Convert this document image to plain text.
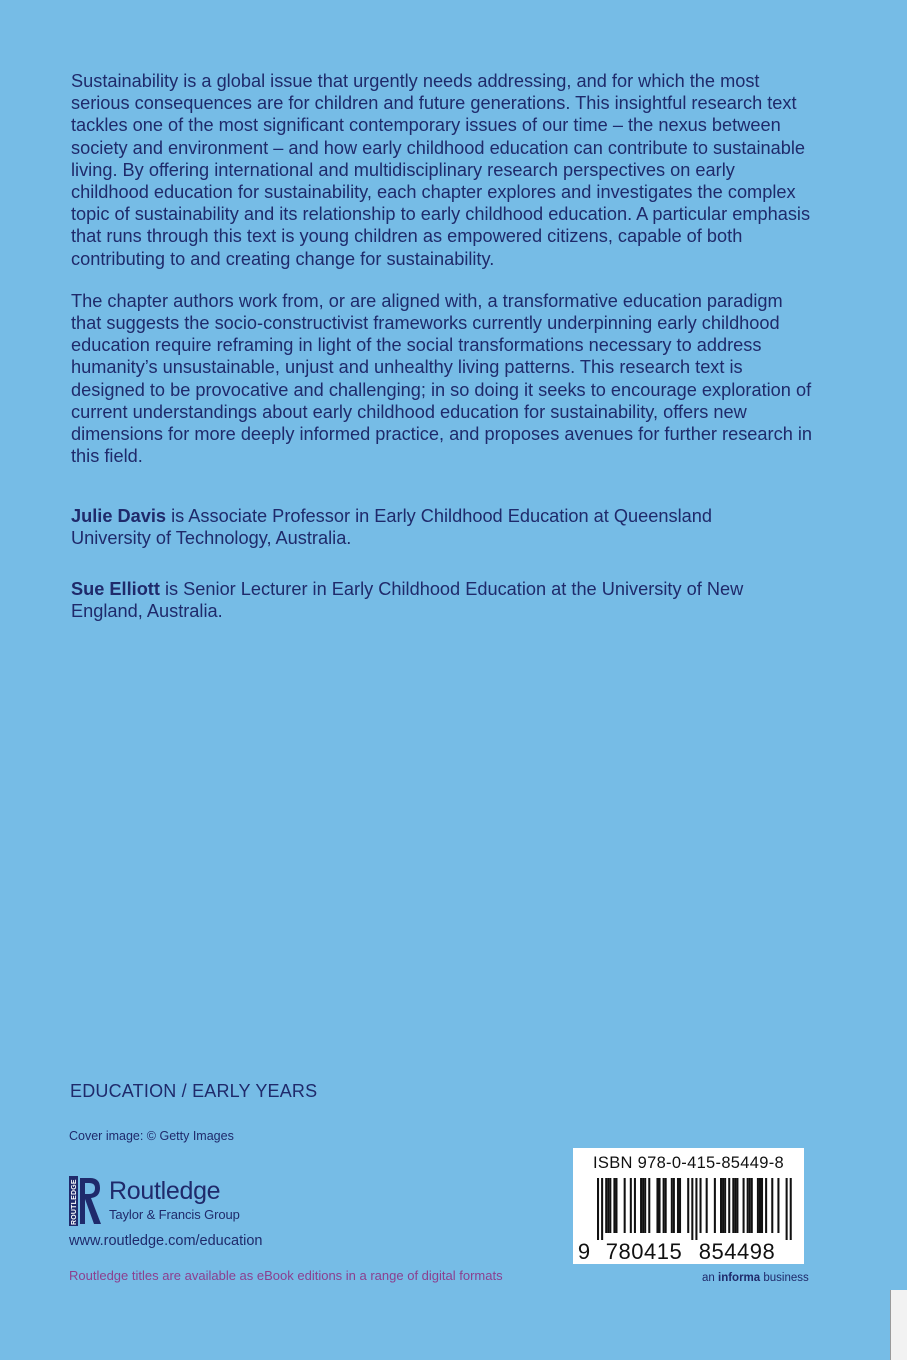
Sustainability is a global issue that urgently needs addressing, and for which the most serious consequences are for children and future generations. This insightful research text tackles one of the most significant contemporary issues of our time – the nexus between society and environment – and how early childhood education can contribute to sustainable living. By offering international and multidisciplinary research perspectives on early childhood education for sustainability, each chapter explores and investigates the complex topic of sustainability and its relationship to early childhood education. A particular emphasis that runs through this text is young children as empowered citizens, capable of both contributing to and creating change for sustainability.

The chapter authors work from, or are aligned with, a transformative education paradigm that suggests the socio-constructivist frameworks currently underpinning early childhood education require reframing in light of the social transformations necessary to address humanity’s unsustainable, unjust and unhealthy living patterns. This research text is designed to be provocative and challenging; in so doing it seeks to encourage exploration of current understandings about early childhood education for sustainability, offers new dimensions for more deeply informed practice, and proposes avenues for further research in this field.

Julie Davis is Associate Professor in Early Childhood Education at Queensland University of Technology, Australia.

Sue Elliott is Senior Lecturer in Early Childhood Education at the University of New England, Australia.

EDUCATION / EARLY YEARS
Cover image: © Getty Images
ROUTLEDGE Routledge
Taylor & Francis Group
www.routledge.com/education
Routledge titles are available as eBook editions in a range of digital formats
ISBN 978-0-415-85449-8
9 780415 854498
an informa business
